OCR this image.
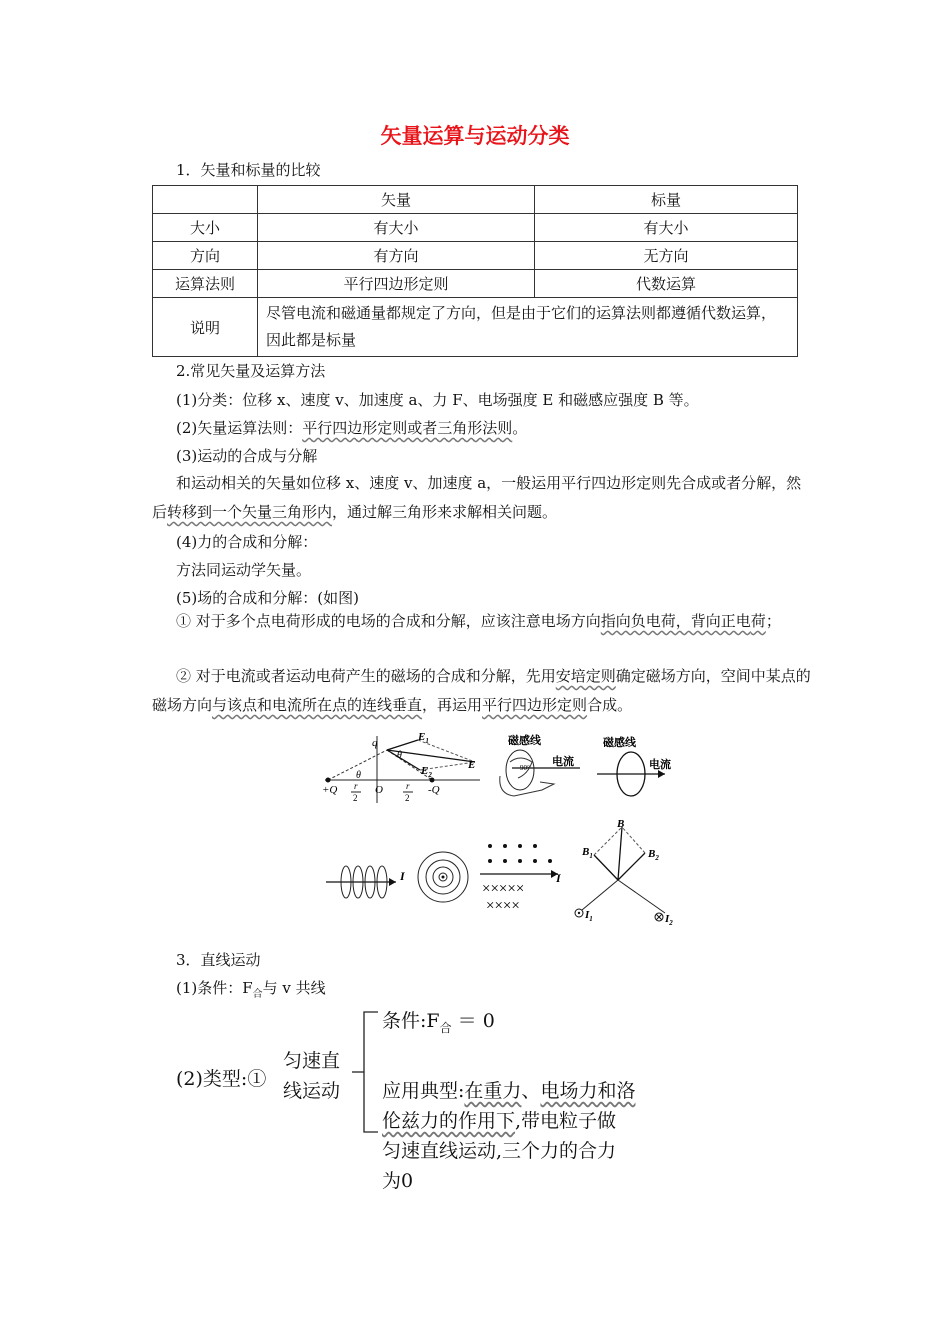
矢量运算与运动分类
1．矢量和标量的比较
	矢量	标量
大小	有大小	有大小
方向	有方向	无方向
运算法则	平行四边形定则	代数运算
说明	尽管电流和磁通量都规定了方向，但是由于它们的运算法则都遵循代数运算，因此都是标量	
2.常见矢量及运算方法
(1)分类：位移 x、速度 v、加速度 a、力 F、电场强度 E 和磁感应强度 B 等。
(2)矢量运算法则：平行四边形定则或者三角形法则。
(3)运动的合成与分解
和运动相关的矢量如位移 x、速度 v、加速度 a，一般运用平行四边形定则先合成或者分解，然后转移到一个矢量三角形内，通过解三角形来求解相关问题。
(4)力的合成和分解：
方法同运动学矢量。
(5)场的合成和分解：(如图)
① 对于多个点电荷形成的电场的合成和分解，应该注意电场方向指向负电荷，背向正电荷；
② 对于电流或者运动电荷产生的磁场的合成和分解，先用安培定则确定磁场方向，空间中某点的磁场方向与该点和电流所在点的连线垂直，再运用平行四边形定则合成。
q
θ
θ
$E_1$
$E_2$
E
+Q	O	-Q
r
2
r
2
磁感线
90° 电流
磁感线
电流
I	I
×××××
××××
B
$B_1$	$B_2$
$I_1$	$I_2$
3．直线运动
(1)条件：$F_合$与 v 共线
(2)类型:①
匀速直
线运动
条件$:F_合 = 0$
应用典型:在重力、电场力和洛
伦兹力的作用下,带电粒子做
匀速直线运动,三个力的合力
为0
